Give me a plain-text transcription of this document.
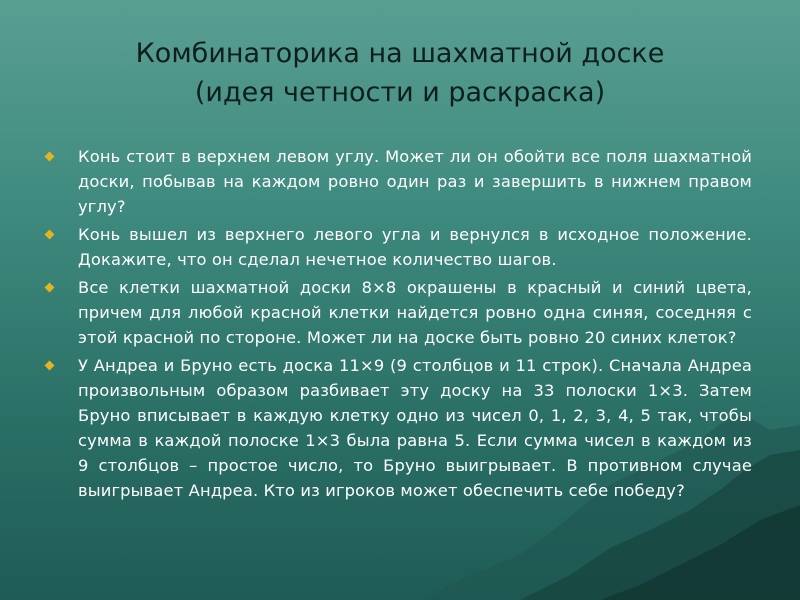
Комбинаторика на шахматной доске
(идея четности и раскраска)
Конь стоит в верхнем левом углу. Может ли он обойти все поля шахматной доски, побывав на каждом ровно один раз и завершить в нижнем правом углу?
Конь вышел из верхнего левого угла и вернулся в исходное положение. Докажите, что он сделал нечетное количество шагов.
Все клетки шахматной доски 8×8 окрашены в красный и синий цвета, причем для любой красной клетки найдется ровно одна синяя, соседняя с этой красной по стороне. Может ли на доске быть ровно 20 синих клеток?
У Андреа и Бруно есть доска 11×9 (9 столбцов и 11 строк). Сначала Андреа произвольным образом разбивает эту доску на 33 полоски 1×3. Затем Бруно вписывает в каждую клетку одно из чисел 0, 1, 2, 3, 4, 5 так, чтобы сумма в каждой полоске 1×3 была равна 5. Если сумма чисел в каждом из 9 столбцов – простое число, то Бруно выигрывает. В противном случае выигрывает Андреа. Кто из игроков может обеспечить себе победу?
